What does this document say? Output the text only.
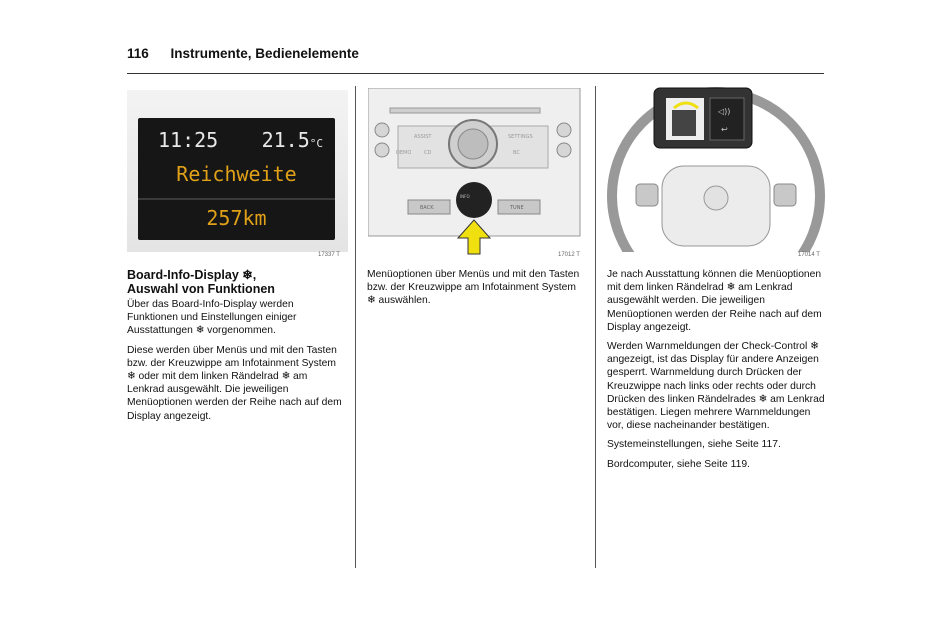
116 Instrumente, Bedienelemente
11:25 21.5°C
Reichweite
257km
17337 T
ASSIST
CD
DEMO
SETTINGS
BC
BACK
INFO
TUNE
17012 T
◁))
↩
17014 T
Board-Info-Display ❄,
Auswahl von Funktionen

Über das Board-Info-Display werden Funktionen und Einstellungen einiger Ausstattungen ❄ vorgenommen.

Diese werden über Menüs und mit den Tasten bzw. der Kreuzwippe am Infotainment System ❄ oder mit dem linken Rändelrad ❄ am Lenkrad ausgewählt. Die jeweiligen Menüoptionen werden der Reihe nach auf dem Display angezeigt.

Menüoptionen über Menüs und mit den Tasten bzw. der Kreuzwippe am Infotainment System ❄ auswählen.

Je nach Ausstattung können die Menüoptionen mit dem linken Rändelrad ❄ am Lenkrad ausgewählt werden. Die jeweiligen Menüoptionen werden der Reihe nach auf dem Display angezeigt.

Werden Warnmeldungen der Check-Control ❄ angezeigt, ist das Display für andere Anzeigen gesperrt. Warnmeldung durch Drücken der Kreuzwippe nach links oder rechts oder durch Drücken des linken Rändelrades ❄ am Lenkrad bestätigen. Liegen mehrere Warnmeldungen vor, diese nacheinander bestätigen.

Systemeinstellungen, siehe Seite 117.

Bordcomputer, siehe Seite 119.
